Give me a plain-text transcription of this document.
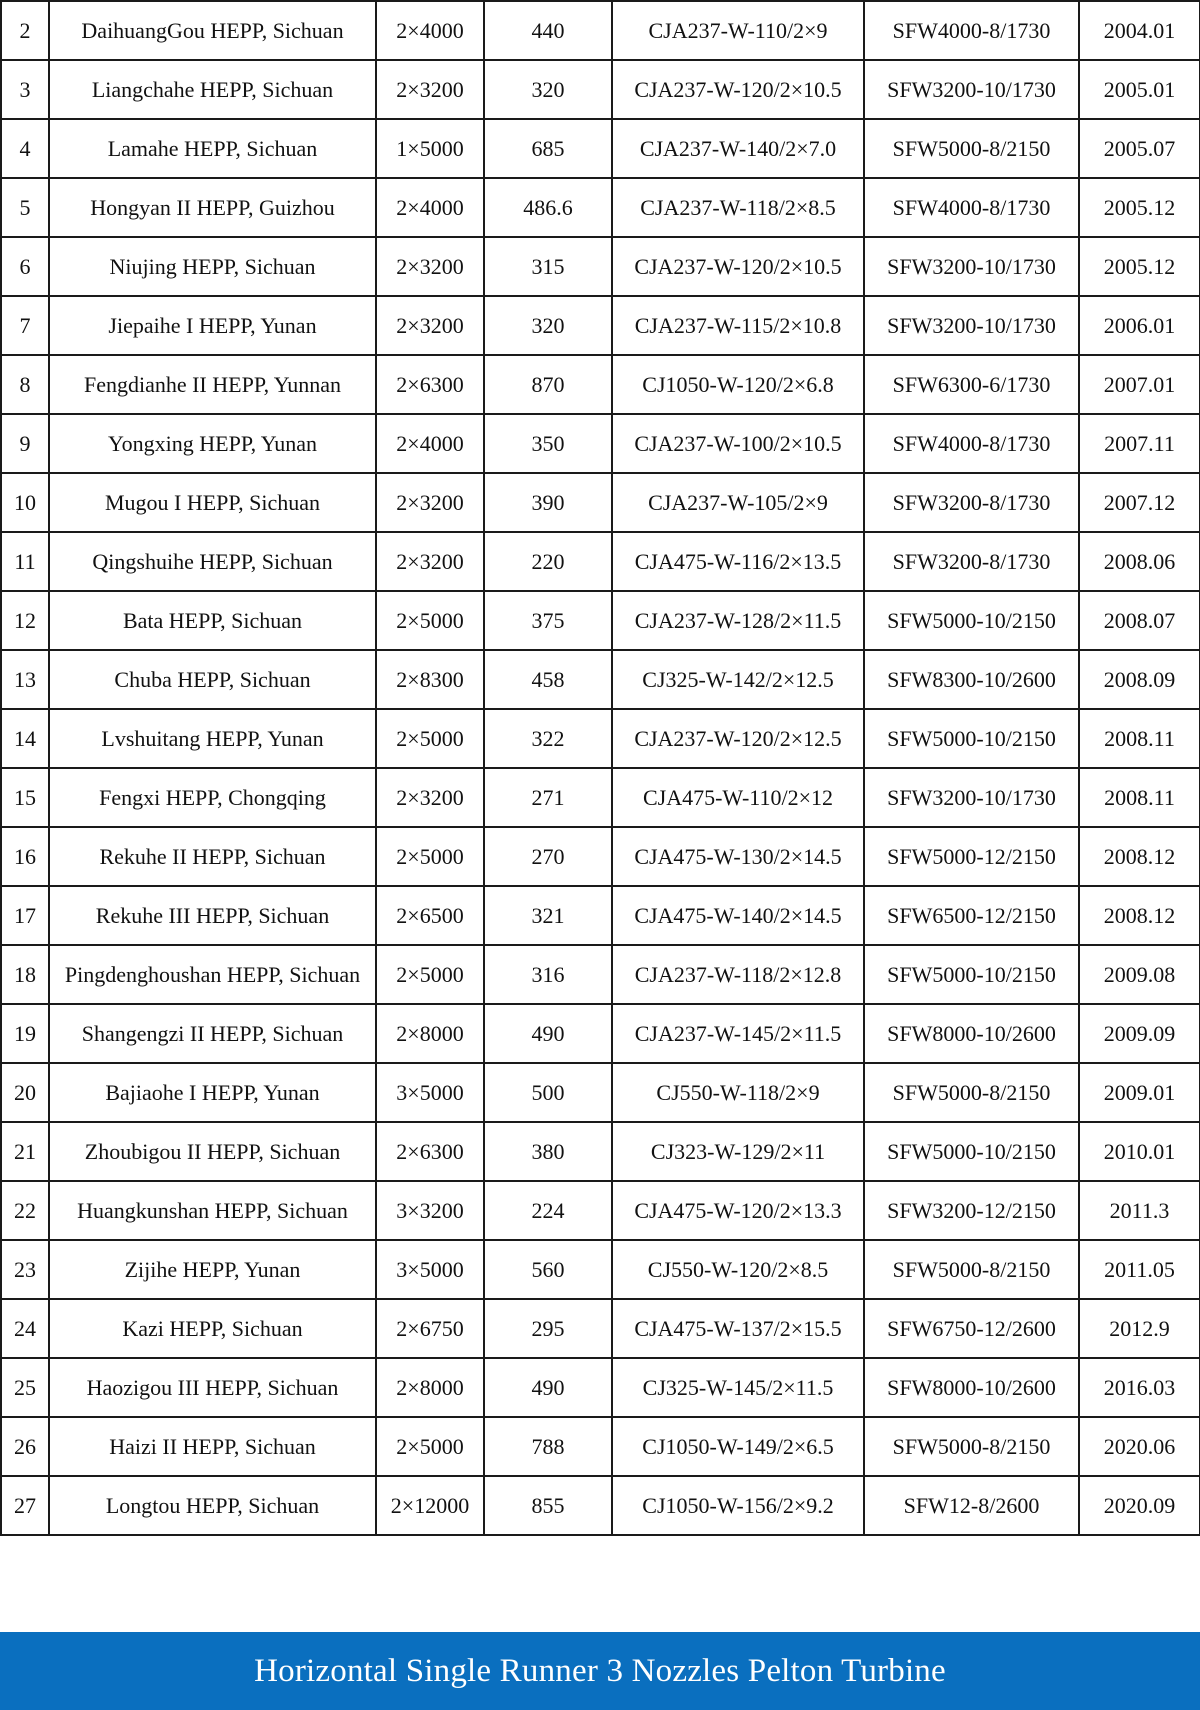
2	DaihuangGou HEPP, Sichuan	2×4000	440	CJA237-W-110/2×9	SFW4000-8/1730	2004.01
3	Liangchahe HEPP, Sichuan	2×3200	320	CJA237-W-120/2×10.5	SFW3200-10/1730	2005.01
4	Lamahe HEPP, Sichuan	1×5000	685	CJA237-W-140/2×7.0	SFW5000-8/2150	2005.07
5	Hongyan II HEPP, Guizhou	2×4000	486.6	CJA237-W-118/2×8.5	SFW4000-8/1730	2005.12
6	Niujing HEPP, Sichuan	2×3200	315	CJA237-W-120/2×10.5	SFW3200-10/1730	2005.12
7	Jiepaihe I HEPP, Yunan	2×3200	320	CJA237-W-115/2×10.8	SFW3200-10/1730	2006.01
8	Fengdianhe II HEPP, Yunnan	2×6300	870	CJ1050-W-120/2×6.8	SFW6300-6/1730	2007.01
9	Yongxing HEPP, Yunan	2×4000	350	CJA237-W-100/2×10.5	SFW4000-8/1730	2007.11
10	Mugou I HEPP, Sichuan	2×3200	390	CJA237-W-105/2×9	SFW3200-8/1730	2007.12
11	Qingshuihe HEPP, Sichuan	2×3200	220	CJA475-W-116/2×13.5	SFW3200-8/1730	2008.06
12	Bata HEPP, Sichuan	2×5000	375	CJA237-W-128/2×11.5	SFW5000-10/2150	2008.07
13	Chuba HEPP, Sichuan	2×8300	458	CJ325-W-142/2×12.5	SFW8300-10/2600	2008.09
14	Lvshuitang HEPP, Yunan	2×5000	322	CJA237-W-120/2×12.5	SFW5000-10/2150	2008.11
15	Fengxi HEPP, Chongqing	2×3200	271	CJA475-W-110/2×12	SFW3200-10/1730	2008.11
16	Rekuhe II HEPP, Sichuan	2×5000	270	CJA475-W-130/2×14.5	SFW5000-12/2150	2008.12
17	Rekuhe III HEPP, Sichuan	2×6500	321	CJA475-W-140/2×14.5	SFW6500-12/2150	2008.12
18	Pingdenghoushan HEPP, Sichuan	2×5000	316	CJA237-W-118/2×12.8	SFW5000-10/2150	2009.08
19	Shangengzi II HEPP, Sichuan	2×8000	490	CJA237-W-145/2×11.5	SFW8000-10/2600	2009.09
20	Bajiaohe I HEPP, Yunan	3×5000	500	CJ550-W-118/2×9	SFW5000-8/2150	2009.01
21	Zhoubigou II HEPP, Sichuan	2×6300	380	CJ323-W-129/2×11	SFW5000-10/2150	2010.01
22	Huangkunshan HEPP, Sichuan	3×3200	224	CJA475-W-120/2×13.3	SFW3200-12/2150	2011.3
23	Zijihe HEPP, Yunan	3×5000	560	CJ550-W-120/2×8.5	SFW5000-8/2150	2011.05
24	Kazi HEPP, Sichuan	2×6750	295	CJA475-W-137/2×15.5	SFW6750-12/2600	2012.9
25	Haozigou III HEPP, Sichuan	2×8000	490	CJ325-W-145/2×11.5	SFW8000-10/2600	2016.03
26	Haizi II HEPP, Sichuan	2×5000	788	CJ1050-W-149/2×6.5	SFW5000-8/2150	2020.06
27	Longtou HEPP, Sichuan	2×12000	855	CJ1050-W-156/2×9.2	SFW12-8/2600	2020.09
Horizontal Single Runner 3 Nozzles Pelton Turbine
